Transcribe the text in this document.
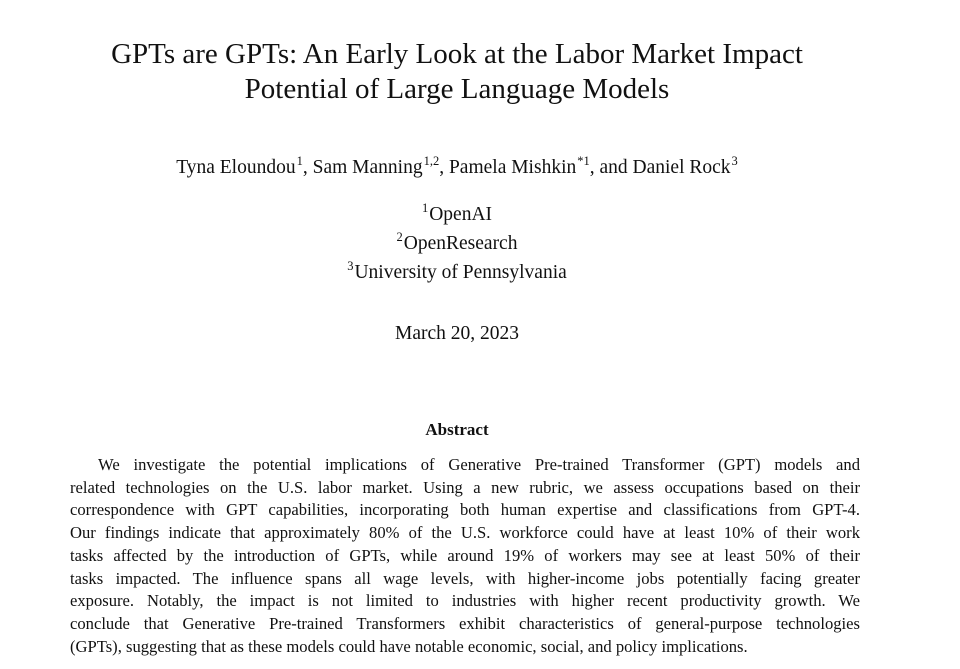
GPTs are GPTs: An Early Look at the Labor Market Impact
Potential of Large Language Models
Tyna Eloundou$^1$, Sam Manning$^{1,2}$, Pamela Mishkin$^{*1}$, and Daniel Rock$^3$
$^1$OpenAI
$^2$OpenResearch
$^3$University of Pennsylvania
March 20, 2023
Abstract
We investigate the potential implications of Generative Pre-trained Transformer (GPT) models and
related technologies on the U.S. labor market. Using a new rubric, we assess occupations based on their
correspondence with GPT capabilities, incorporating both human expertise and classifications from GPT-4.
Our findings indicate that approximately 80% of the U.S. workforce could have at least 10% of their work
tasks affected by the introduction of GPTs, while around 19% of workers may see at least 50% of their
tasks impacted. The influence spans all wage levels, with higher-income jobs potentially facing greater
exposure. Notably, the impact is not limited to industries with higher recent productivity growth. We
conclude that Generative Pre-trained Transformers exhibit characteristics of general-purpose technologies
(GPTs), suggesting that as these models could have notable economic, social, and policy implications.
